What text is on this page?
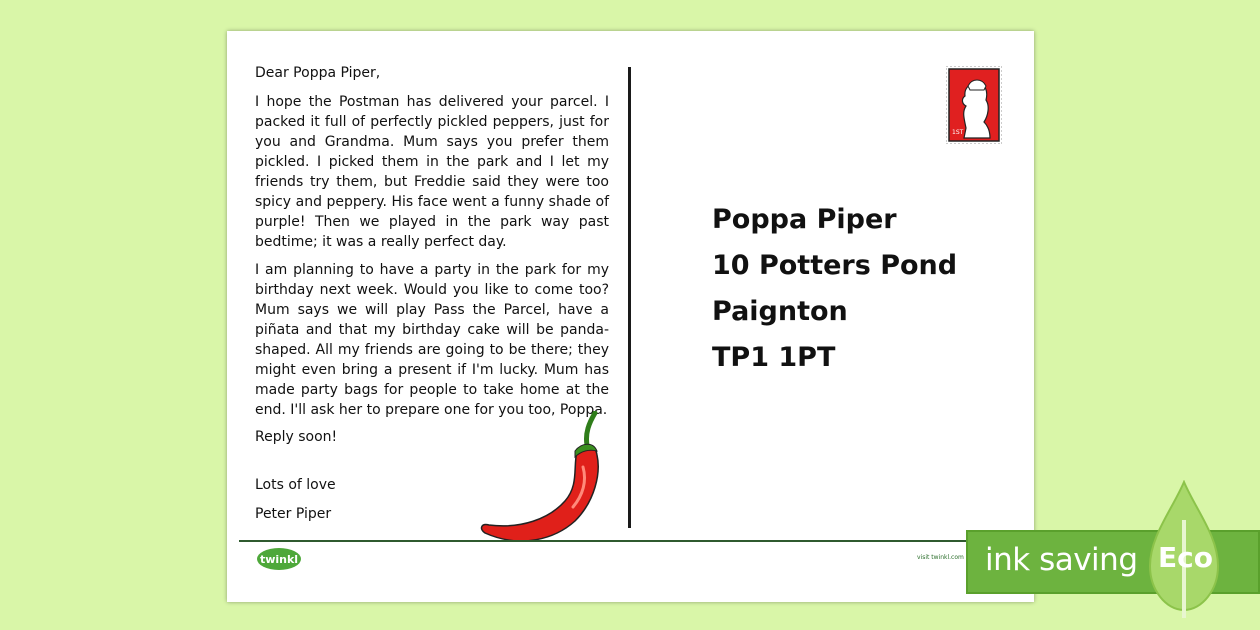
Dear Poppa Piper,

I hope the Postman has delivered your parcel. I packed it full of perfectly pickled peppers, just for you and Grandma. Mum says you prefer them pickled. I picked them in the park and I let my friends try them, but Freddie said they were too spicy and peppery. His face went a funny shade of purple! Then we played in the park way past bedtime; it was a really perfect day.

I am planning to have a party in the park for my birthday next week. Would you like to come too? Mum says we will play Pass the Parcel, have a piñata and that my birthday cake will be panda-shaped. All my friends are going to be there; they might even bring a present if I'm lucky. Mum has made party bags for people to take home at the end. I'll ask her to prepare one for you too, Poppa.

Reply soon!

Lots of love

Peter Piper

1ST
Poppa Piper
10 Potters Pond
Paignton
TP1 1PT
twinkl	visit twinkl.com ink saving Eco
